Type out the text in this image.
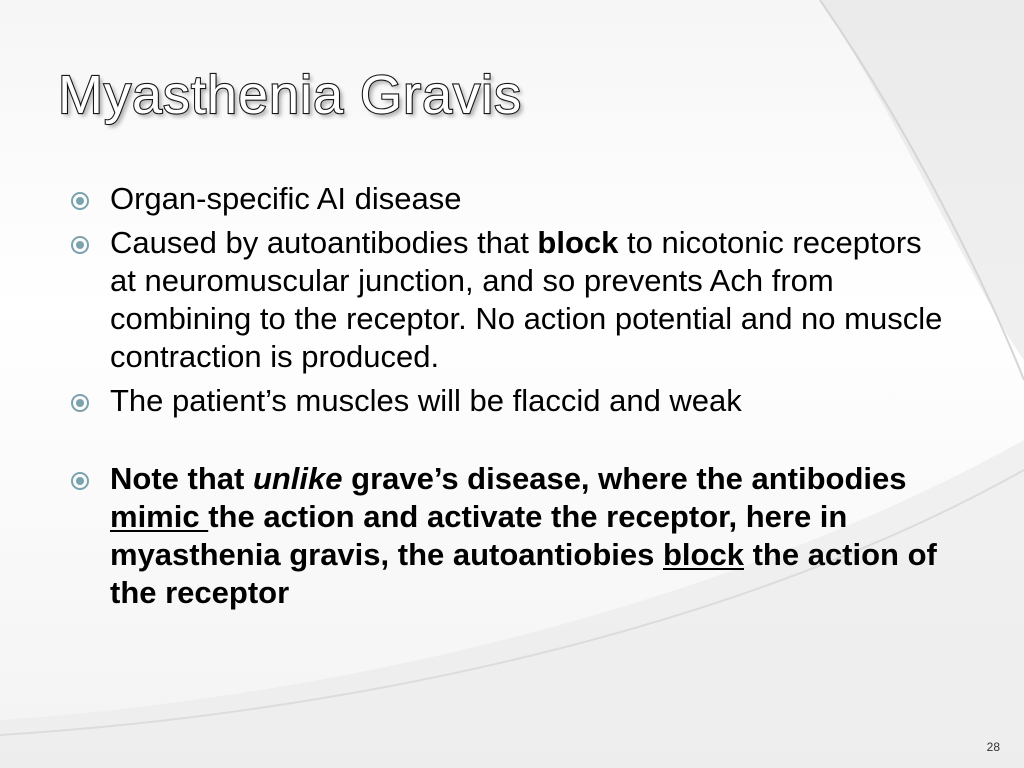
Myasthenia Gravis
Organ-specific AI disease
Caused by autoantibodies that block to nicotonic receptors at neuromuscular junction, and so prevents Ach from combining to the receptor. No action potential and no muscle contraction is produced.
The patient’s muscles will be flaccid and weak
Note that unlike grave’s disease, where the antibodies mimic the action and activate the receptor, here in myasthenia gravis, the autoantiobies block the action of the receptor
28
